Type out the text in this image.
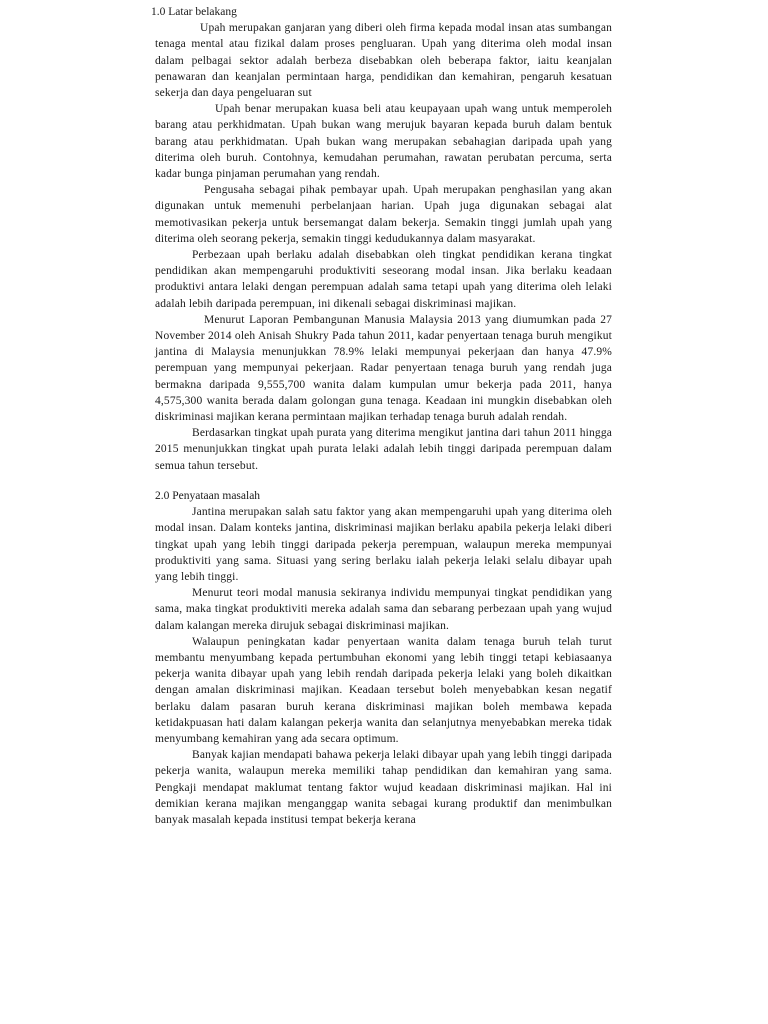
1.0 Latar belakang

Upah merupakan ganjaran yang diberi oleh firma kepada modal insan atas sumbangan tenaga mental atau fizikal dalam proses pengluaran. Upah yang diterima oleh modal insan dalam pelbagai sektor adalah berbeza disebabkan oleh beberapa faktor, iaitu keanjalan penawaran dan keanjalan permintaan harga, pendidikan dan kemahiran, pengaruh kesatuan sekerja dan daya pengeluaran sut

Upah benar merupakan kuasa beli atau keupayaan upah wang untuk memperoleh barang atau perkhidmatan. Upah bukan wang merujuk bayaran kepada buruh dalam bentuk barang atau perkhidmatan. Upah bukan wang merupakan sebahagian daripada upah yang diterima oleh buruh. Contohnya, kemudahan perumahan, rawatan perubatan percuma, serta kadar bunga pinjaman perumahan yang rendah.

Pengusaha sebagai pihak pembayar upah. Upah merupakan penghasilan yang akan digunakan untuk memenuhi perbelanjaan harian. Upah juga digunakan sebagai alat memotivasikan pekerja untuk bersemangat dalam bekerja. Semakin tinggi jumlah upah yang diterima oleh seorang pekerja, semakin tinggi kedudukannya dalam masyarakat.

Perbezaan upah berlaku adalah disebabkan oleh tingkat pendidikan kerana tingkat pendidikan akan mempengaruhi produktiviti seseorang modal insan. Jika berlaku keadaan produktivi antara lelaki dengan perempuan adalah sama tetapi upah yang diterima oleh lelaki adalah lebih daripada perempuan, ini dikenali sebagai diskriminasi majikan.

Menurut Laporan Pembangunan Manusia Malaysia 2013 yang diumumkan pada 27 November 2014 oleh Anisah Shukry Pada tahun 2011, kadar penyertaan tenaga buruh mengikut jantina di Malaysia menunjukkan 78.9% lelaki mempunyai pekerjaan dan hanya 47.9% perempuan yang mempunyai pekerjaan. Radar penyertaan tenaga buruh yang rendah juga bermakna daripada 9,555,700 wanita dalam kumpulan umur bekerja pada 2011, hanya 4,575,300 wanita berada dalam golongan guna tenaga. Keadaan ini mungkin disebabkan oleh diskriminasi majikan kerana permintaan majikan terhadap tenaga buruh adalah rendah.

Berdasarkan tingkat upah purata yang diterima mengikut jantina dari tahun 2011 hingga 2015 menunjukkan tingkat upah purata lelaki adalah lebih tinggi daripada perempuan dalam semua tahun tersebut.

2.0 Penyataan masalah

Jantina merupakan salah satu faktor yang akan mempengaruhi upah yang diterima oleh modal insan. Dalam konteks jantina, diskriminasi majikan berlaku apabila pekerja lelaki diberi tingkat upah yang lebih tinggi daripada pekerja perempuan, walaupun mereka mempunyai produktiviti yang sama. Situasi yang sering berlaku ialah pekerja lelaki selalu dibayar upah yang lebih tinggi.

Menurut teori modal manusia sekiranya individu mempunyai tingkat pendidikan yang sama, maka tingkat produktiviti mereka adalah sama dan sebarang perbezaan upah yang wujud dalam kalangan mereka dirujuk sebagai diskriminasi majikan.

Walaupun peningkatan kadar penyertaan wanita dalam tenaga buruh telah turut membantu menyumbang kepada pertumbuhan ekonomi yang lebih tinggi tetapi kebiasaanya pekerja wanita dibayar upah yang lebih rendah daripada pekerja lelaki yang boleh dikaitkan dengan amalan diskriminasi majikan. Keadaan tersebut boleh menyebabkan kesan negatif berlaku dalam pasaran buruh kerana diskriminasi majikan boleh membawa kepada ketidakpuasan hati dalam kalangan pekerja wanita dan selanjutnya menyebabkan mereka tidak menyumbang kemahiran yang ada secara optimum.

Banyak kajian mendapati bahawa pekerja lelaki dibayar upah yang lebih tinggi daripada pekerja wanita, walaupun mereka memiliki tahap pendidikan dan kemahiran yang sama. Pengkaji mendapat maklumat tentang faktor wujud keadaan diskriminasi majikan. Hal ini demikian kerana majikan menganggap wanita sebagai kurang produktif dan menimbulkan banyak masalah kepada institusi tempat bekerja kerana
